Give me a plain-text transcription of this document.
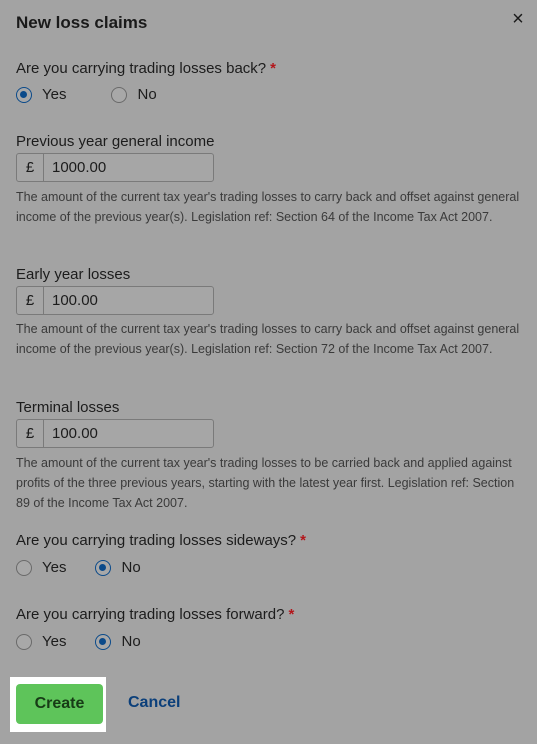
New loss claims	×
Are you carrying trading losses back? *
Yes	No
Previous year general income
£	1000.00
The amount of the current tax year's trading losses to carry back and offset against general income of the previous year(s). Legislation ref: Section 64 of the Income Tax Act 2007.
Early year losses
£	100.00
The amount of the current tax year's trading losses to carry back and offset against general income of the previous year(s). Legislation ref: Section 72 of the Income Tax Act 2007.
Terminal losses
£	100.00
The amount of the current tax year's trading losses to be carried back and applied against profits of the three previous years, starting with the latest year first. Legislation ref: Section 89 of the Income Tax Act 2007.
Are you carrying trading losses sideways? *
Yes	No
Are you carrying trading losses forward? *
Yes	No
Create	Cancel
